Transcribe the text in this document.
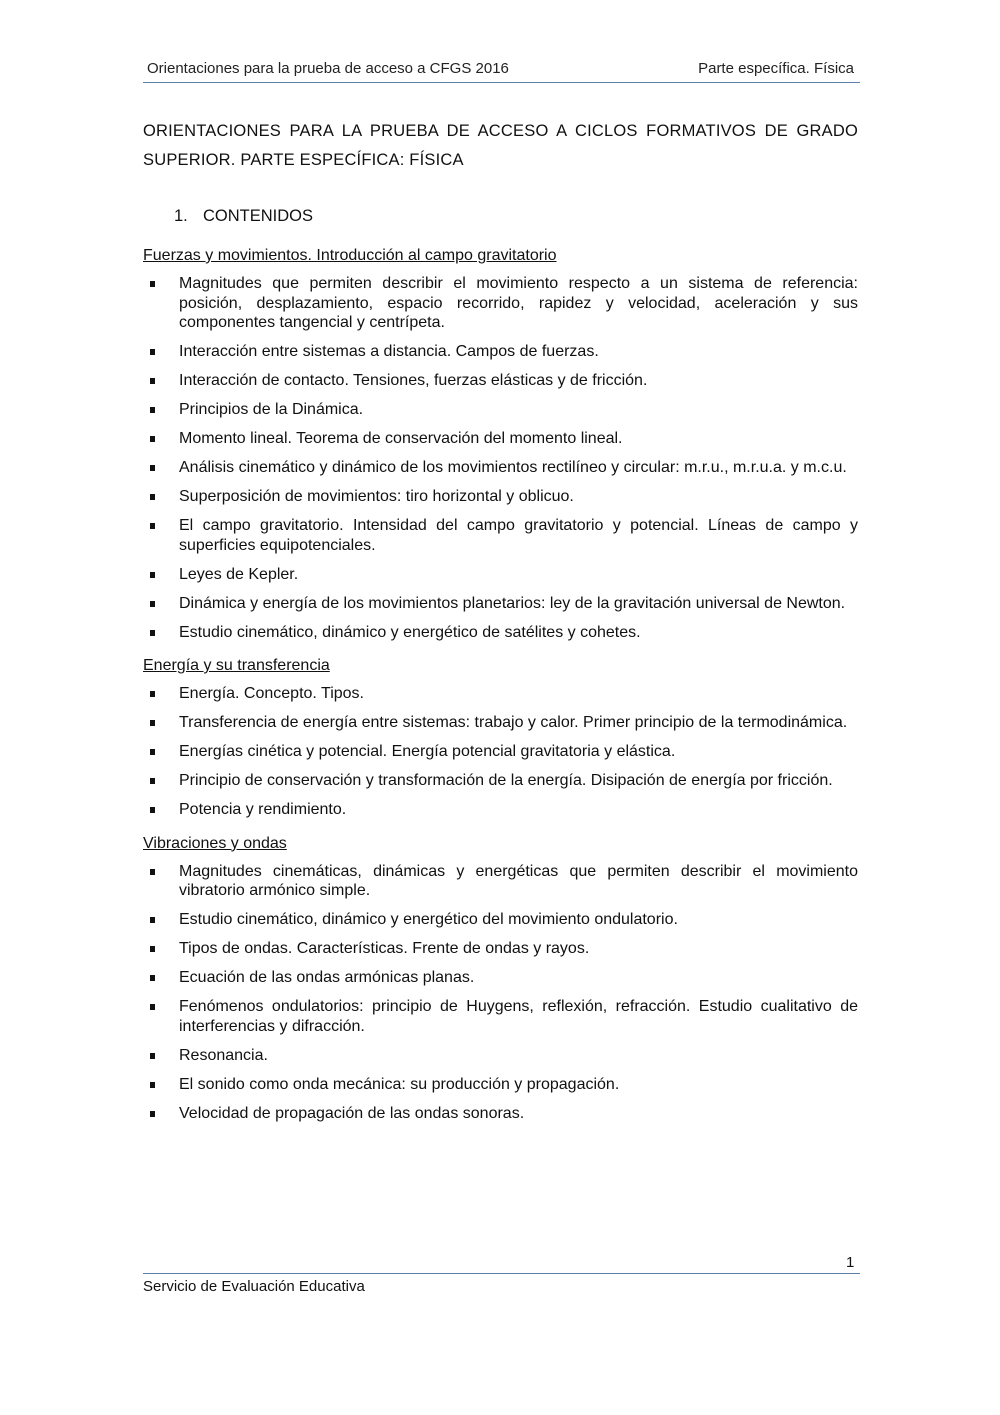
Orientaciones para la prueba de acceso a CFGS 2016	Parte específica. Física
ORIENTACIONES PARA LA PRUEBA DE ACCESO A CICLOS FORMATIVOS DE GRADO SUPERIOR. PARTE ESPECÍFICA: FÍSICA
1. CONTENIDOS
Fuerzas y movimientos. Introducción al campo gravitatorio
Magnitudes que permiten describir el movimiento respecto a un sistema de referencia: posición, desplazamiento, espacio recorrido, rapidez y velocidad, aceleración y sus componentes tangencial y centrípeta.
Interacción entre sistemas a distancia. Campos de fuerzas.
Interacción de contacto. Tensiones, fuerzas elásticas y de fricción.
Principios de la Dinámica.
Momento lineal. Teorema de conservación del momento lineal.
Análisis cinemático y dinámico de los movimientos rectilíneo y circular: m.r.u., m.r.u.a. y m.c.u.
Superposición de movimientos: tiro horizontal y oblicuo.
El campo gravitatorio. Intensidad del campo gravitatorio y potencial. Líneas de campo y superficies equipotenciales.
Leyes de Kepler.
Dinámica y energía de los movimientos planetarios: ley de la gravitación universal de Newton.
Estudio cinemático, dinámico y energético de satélites y cohetes.
Energía y su transferencia
Energía. Concepto. Tipos.
Transferencia de energía entre sistemas: trabajo y calor. Primer principio de la termodinámica.
Energías cinética y potencial. Energía potencial gravitatoria y elástica.
Principio de conservación y transformación de la energía. Disipación de energía por fricción.
Potencia y rendimiento.
Vibraciones y ondas
Magnitudes cinemáticas, dinámicas y energéticas que permiten describir el movimiento vibratorio armónico simple.
Estudio cinemático, dinámico y energético del movimiento ondulatorio.
Tipos de ondas. Características. Frente de ondas y rayos.
Ecuación de las ondas armónicas planas.
Fenómenos ondulatorios: principio de Huygens, reflexión, refracción. Estudio cualitativo de interferencias y difracción.
Resonancia.
El sonido como onda mecánica: su producción y propagación.
Velocidad de propagación de las ondas sonoras.
1
Servicio de Evaluación Educativa
